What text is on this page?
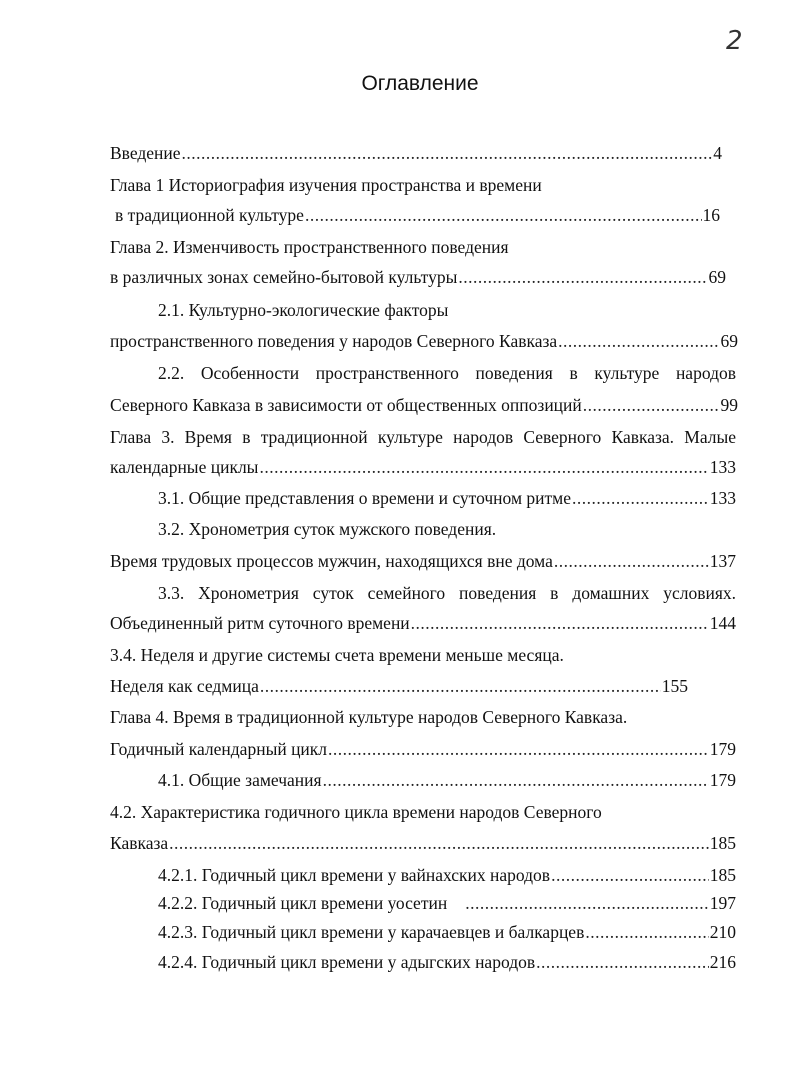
2
Оглавление
Введение .....	4
Глава 1 Историография изучения пространства и времени
в традиционной культуре .....	16
Глава 2. Изменчивость пространственного поведения
в различных зонах семейно-бытовой культуры .....	69
2.1. Культурно-экологические факторы
пространственного поведения у народов Северного Кавказа .....	69
2.2. Особенности пространственного поведения в культуре народов
Северного Кавказа в зависимости от общественных оппозиций .....	99
Глава 3. Время в традиционной культуре народов Северного Кавказа. Малые
календарные циклы .....	133
3.1. Общие представления о времени и суточном ритме .....	133
3.2. Хронометрия суток мужского поведения.
Время трудовых процессов мужчин, находящихся вне дома .....	137
3.3. Хронометрия суток семейного поведения в домашних условиях.
Объединенный ритм суточного времени .....	144
3.4. Неделя и другие системы счета времени меньше месяца.
Неделя как седмица .....	155
Глава 4. Время в традиционной культуре народов Северного Кавказа.
Годичный календарный цикл .....	179
4.1. Общие замечания .....	179
4.2. Характеристика годичного цикла времени народов Северного
Кавказа .....	185
4.2.1. Годичный цикл времени у вайнахских народов .....	185
4.2.2. Годичный цикл времени уосетин .....	197
4.2.3. Годичный цикл времени у карачаевцев и балкарцев .....	210
4.2.4. Годичный цикл времени у адыгских народов .....	216
